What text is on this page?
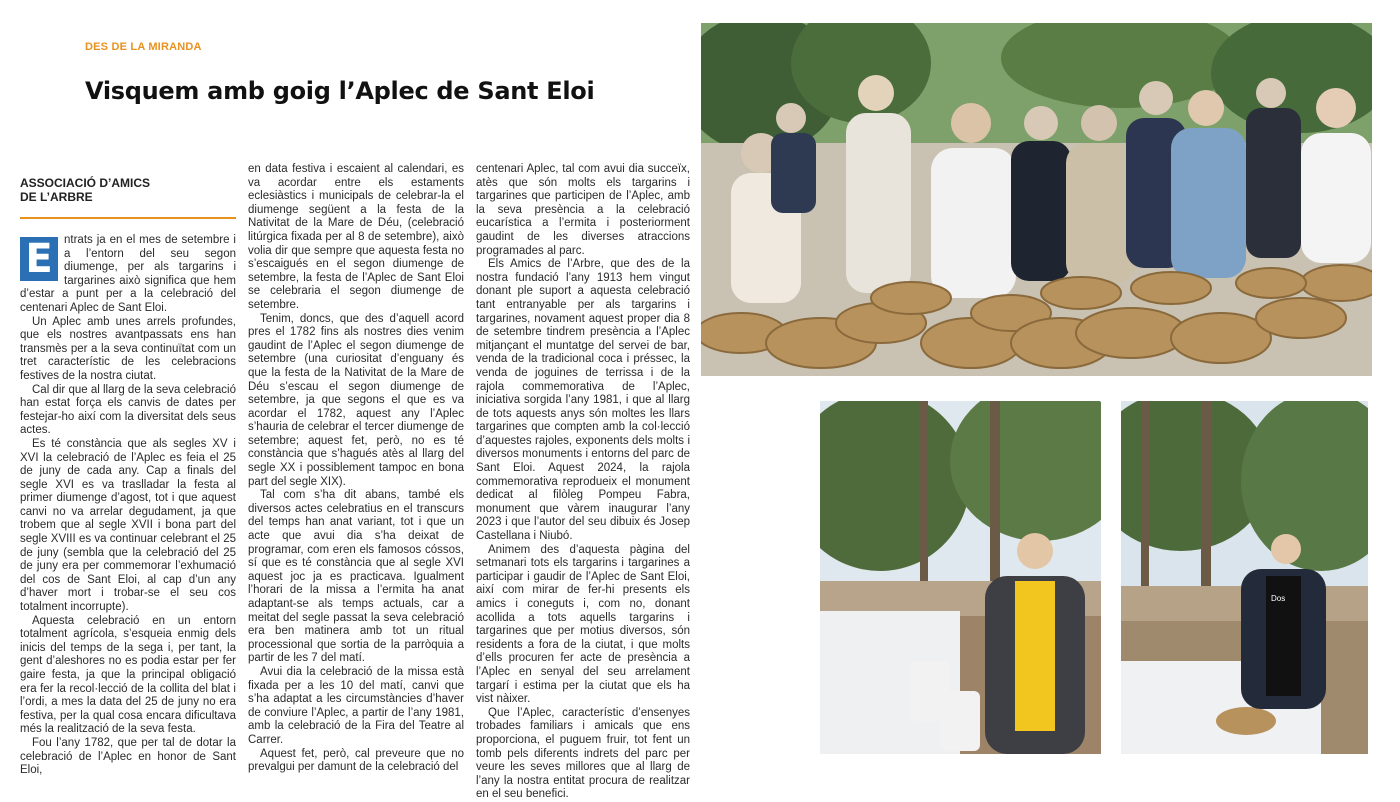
DES DE LA MIRANDA
Visquem amb goig l’Aplec de Sant Eloi
ASSOCIACIÓ D’AMICS
DE L’ARBRE

E ntrats ja en el mes de setembre i a l’entorn del seu segon diumenge, per als targarins i targarines això significa que hem d’estar a punt per a la celebració del centenari Aplec de Sant Eloi.

Un Aplec amb unes arrels profundes, que els nostres avantpassats ens han transmès per a la seva continuïtat com un tret característic de les celebracions festives de la nostra ciutat.

Cal dir que al llarg de la seva celebració han estat força els canvis de dates per festejar-ho així com la diversitat dels seus actes.

Es té constància que als segles XV i XVI la celebració de l’Aplec es feia el 25 de juny de cada any. Cap a finals del segle XVI es va traslladar la festa al primer diumenge d’agost, tot i que aquest canvi no va arrelar degudament, ja que trobem que al segle XVII i bona part del segle XVIII es va continuar celebrant el 25 de juny (sembla que la celebració del 25 de juny era per commemorar l’exhumació del cos de Sant Eloi, al cap d’un any d’haver mort i trobar-se el seu cos totalment incorrupte).

Aquesta celebració en un entorn totalment agrícola, s’esqueia enmig dels inicis del temps de la sega i, per tant, la gent d’aleshores no es podia estar per fer gaire festa, ja que la principal obligació era fer la recol·lecció de la collita del blat i l’ordi, a mes la data del 25 de juny no era festiva, per la qual cosa encara dificultava més la realització de la seva festa.

Fou l’any 1782, que per tal de dotar la celebració de l’Aplec en honor de Sant Eloi,

en data festiva i escaient al calendari, es va acordar entre els estaments eclesiàstics i municipals de celebrar-la el diumenge següent a la festa de la Nativitat de la Mare de Déu, (celebració litúrgica fixada per al 8 de setembre), això volia dir que sempre que aquesta festa no s’escaigués en el segon diumenge de setembre, la festa de l’Aplec de Sant Eloi se celebraria el segon diumenge de setembre.

Tenim, doncs, que des d’aquell acord pres el 1782 fins als nostres dies venim gaudint de l’Aplec el segon diumenge de setembre (una curiositat d’enguany és que la festa de la Nativitat de la Mare de Déu s’escau el segon diumenge de setembre, ja que segons el que es va acordar el 1782, aquest any l’Aplec s’hauria de celebrar el tercer diumenge de setembre; aquest fet, però, no es té constància que s’hagués atès al llarg del segle XX i possiblement tampoc en bona part del segle XIX).

Tal com s’ha dit abans, també els diversos actes celebratius en el transcurs del temps han anat variant, tot i que un acte que avui dia s’ha deixat de programar, com eren els famosos cóssos, sí que es té constància que al segle XVI aquest joc ja es practicava. Igualment l’horari de la missa a l’ermita ha anat adaptant-se als temps actuals, car a meitat del segle passat la seva celebració era ben matinera amb tot un ritual processional que sortia de la parròquia a partir de les 7 del matí.

Avui dia la celebració de la missa està fixada per a les 10 del matí, canvi que s’ha adaptat a les circumstàncies d’haver de conviure l’Aplec, a partir de l’any 1981, amb la celebració de la Fira del Teatre al Carrer.

Aquest fet, però, cal preveure que no prevalgui per damunt de la celebració del

centenari Aplec, tal com avui dia succeïx, atès que són molts els targarins i targarines que participen de l’Aplec, amb la seva presència a la celebració eucarística a l’ermita i posteriorment gaudint de les diverses atraccions programades al parc.

Els Amics de l’Arbre, que des de la nostra fundació l’any 1913 hem vingut donant ple suport a aquesta celebració tant entranyable per als targarins i targarines, novament aquest proper dia 8 de setembre tindrem presència a l’Aplec mitjançant el muntatge del servei de bar, venda de la tradicional coca i préssec, la venda de joguines de terrissa i de la rajola commemorativa de l’Aplec, iniciativa sorgida l’any 1981, i que al llarg de tots aquests anys són moltes les llars targarines que compten amb la col·lecció d’aquestes rajoles, exponents dels molts i diversos monuments i entorns del parc de Sant Eloi. Aquest 2024, la rajola commemorativa reprodueix el monument dedicat al filòleg Pompeu Fabra, monument que vàrem inaugurar l’any 2023 i que l’autor del seu dibuix és Josep Castellana i Niubó.

Animem des d’aquesta pàgina del setmanari tots els targarins i targarines a participar i gaudir de l’Aplec de Sant Eloi, així com mirar de fer-hi presents els amics i coneguts i, com no, donant acollida a tots aquells targarins i targarines que per motius diversos, són residents a fora de la ciutat, i que molts d’ells procuren fer acte de presència a l’Aplec en senyal del seu arrelament targarí i estima per la ciutat que els ha vist nàixer.

Que l’Aplec, característic d’ensenyes trobades familiars i amicals que ens proporciona, el puguem fruir, tot fent un tomb pels diferents indrets del parc per veure les seves millores que al llarg de l’any la nostra entitat procura de realitzar en el seu benefici.

Dos
